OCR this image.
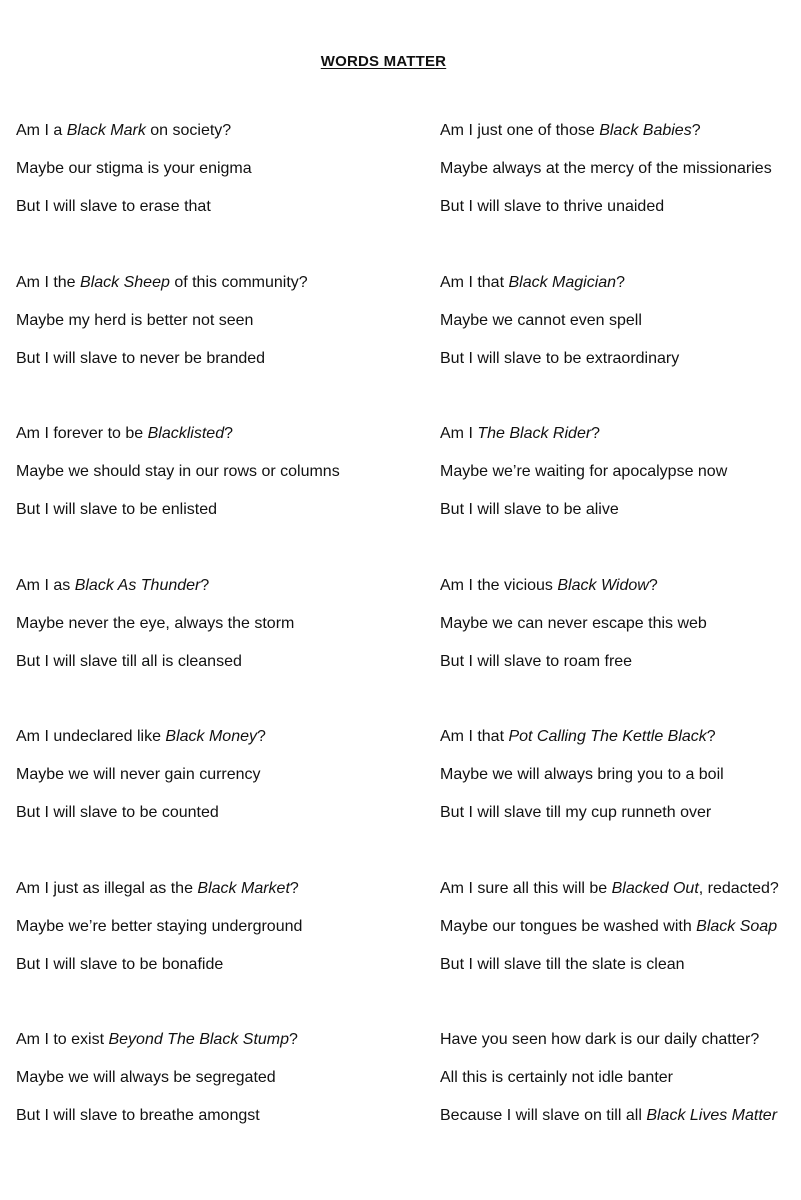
WORDS MATTER
Am I a Black Mark on society?
Maybe our stigma is your enigma
But I will slave to erase that
Am I the Black Sheep of this community?
Maybe my herd is better not seen
But I will slave to never be branded
Am I forever to be Blacklisted?
Maybe we should stay in our rows or columns
But I will slave to be enlisted
Am I as Black As Thunder?
Maybe never the eye, always the storm
But I will slave till all is cleansed
Am I undeclared like Black Money?
Maybe we will never gain currency
But I will slave to be counted
Am I just as illegal as the Black Market?
Maybe we’re better staying underground
But I will slave to be bonafide
Am I to exist Beyond The Black Stump?
Maybe we will always be segregated
But I will slave to breathe amongst
Am I just one of those Black Babies?
Maybe always at the mercy of the missionaries
But I will slave to thrive unaided
Am I that Black Magician?
Maybe we cannot even spell
But I will slave to be extraordinary
Am I The Black Rider?
Maybe we’re waiting for apocalypse now
But I will slave to be alive
Am I the vicious Black Widow?
Maybe we can never escape this web
But I will slave to roam free
Am I that Pot Calling The Kettle Black?
Maybe we will always bring you to a boil
But I will slave till my cup runneth over
Am I sure all this will be Blacked Out, redacted?
Maybe our tongues be washed with Black Soap
But I will slave till the slate is clean
Have you seen how dark is our daily chatter?
All this is certainly not idle banter
Because I will slave on till all Black Lives Matter
